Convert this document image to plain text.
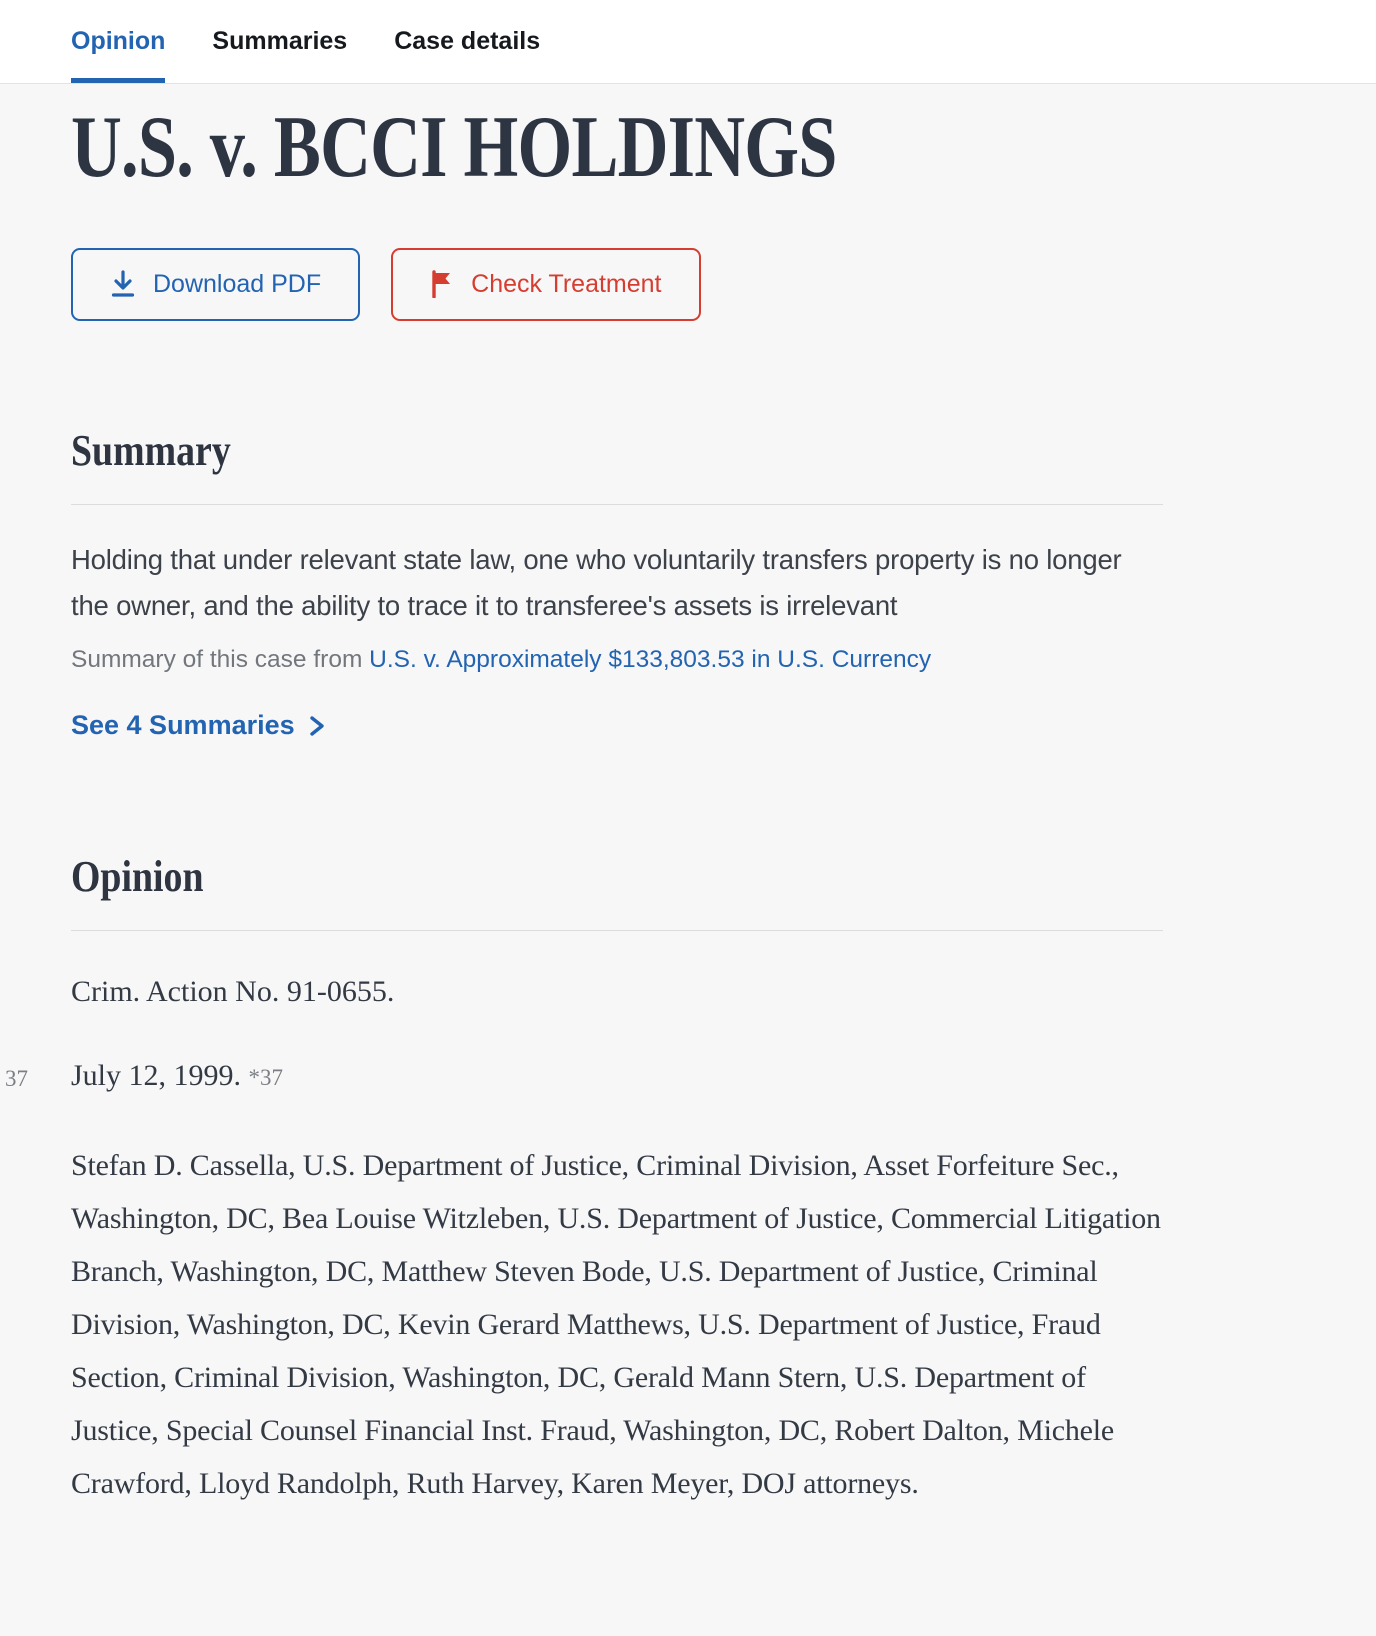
Opinion Summaries Case details
U.S. v. BCCI HOLDINGS
Download PDF	Check Treatment
Summary

Holding that under relevant state law, one who voluntarily transfers property is no longer the owner, and the ability to trace it to transferee's assets is irrelevant

Summary of this case from U.S. v. Approximately $133,803.53 in U.S. Currency

See 4 Summaries
Opinion

Crim. Action No. 91-0655.

37 July 12, 1999. *37

Stefan D. Cassella, U.S. Department of Justice, Criminal Division, Asset Forfeiture Sec., Washington, DC, Bea Louise Witzleben, U.S. Department of Justice, Commercial Litigation Branch, Washington, DC, Matthew Steven Bode, U.S. Department of Justice, Criminal Division, Washington, DC, Kevin Gerard Matthews, U.S. Department of Justice, Fraud Section, Criminal Division, Washington, DC, Gerald Mann Stern, U.S. Department of Justice, Special Counsel Financial Inst. Fraud, Washington, DC, Robert Dalton, Michele Crawford, Lloyd Randolph, Ruth Harvey, Karen Meyer, DOJ attorneys.
